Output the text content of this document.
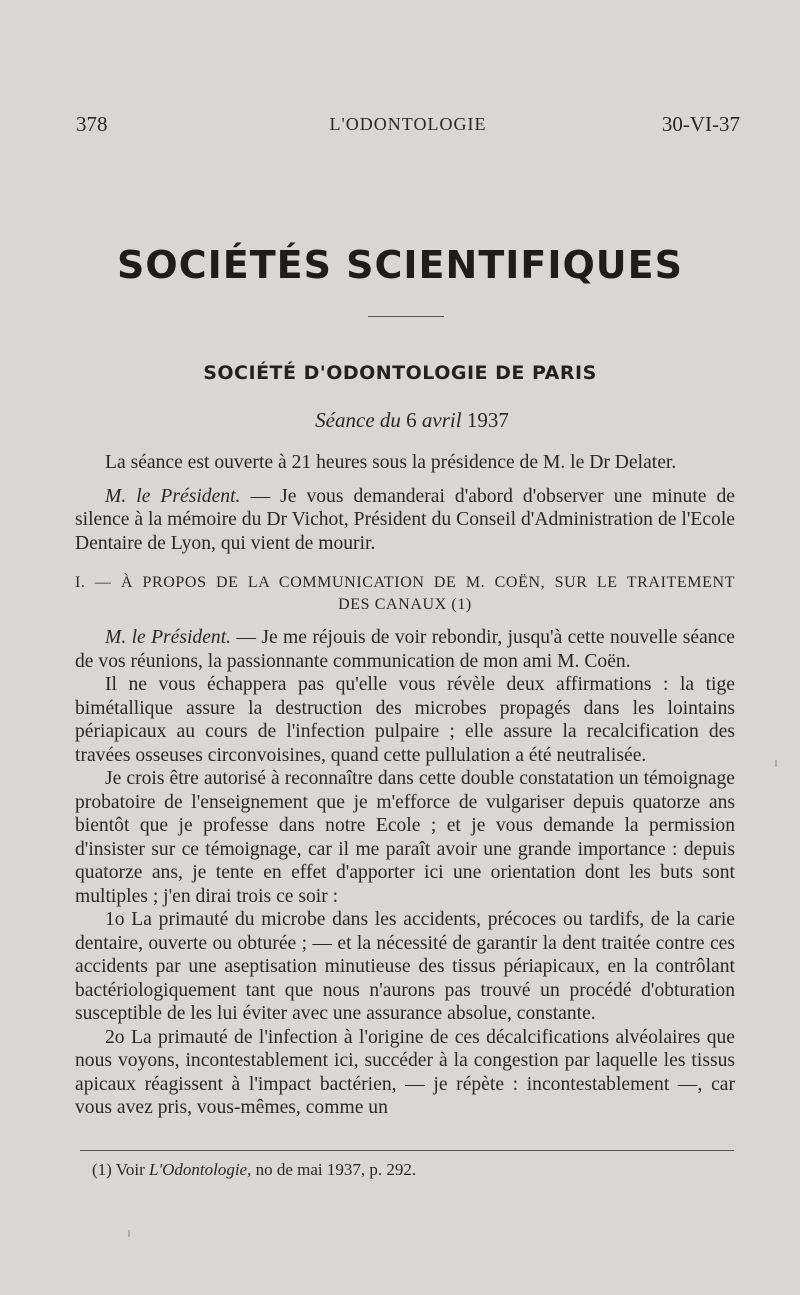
378	L'ODONTOLOGIE	30-VI-37
SOCIÉTÉS SCIENTIFIQUES
SOCIÉTÉ D'ODONTOLOGIE DE PARIS
Séance du 6 avril 1937

La séance est ouverte à 21 heures sous la présidence de M. le Dr Delater.

M. le Président. — Je vous demanderai d'abord d'observer une minute de silence à la mémoire du Dr Vichot, Président du Conseil d'Administration de l'Ecole Dentaire de Lyon, qui vient de mourir.

I. — À PROPOS DE LA COMMUNICATION DE M. COËN, SUR LE TRAITEMENT
DES CANAUX (1)

M. le Président. — Je me réjouis de voir rebondir, jusqu'à cette nouvelle séance de vos réunions, la passionnante communication de mon ami M. Coën.

Il ne vous échappera pas qu'elle vous révèle deux affirmations : la tige bimétallique assure la destruction des microbes propagés dans les lointains périapicaux au cours de l'infection pulpaire ; elle assure la recalcification des travées osseuses circonvoisines, quand cette pullulation a été neutralisée.

Je crois être autorisé à reconnaître dans cette double constatation un témoignage probatoire de l'enseignement que je m'efforce de vulgariser depuis quatorze ans bientôt que je professe dans notre Ecole ; et je vous demande la permission d'insister sur ce témoignage, car il me paraît avoir une grande importance : depuis quatorze ans, je tente en effet d'apporter ici une orientation dont les buts sont multiples ; j'en dirai trois ce soir :

1o La primauté du microbe dans les accidents, précoces ou tardifs, de la carie dentaire, ouverte ou obturée ; — et la nécessité de garantir la dent traitée contre ces accidents par une aseptisation minutieuse des tissus périapicaux, en la contrôlant bactériologiquement tant que nous n'aurons pas trouvé un procédé d'obturation susceptible de les lui éviter avec une assurance absolue, constante.

2o La primauté de l'infection à l'origine de ces décalcifications alvéolaires que nous voyons, incontestablement ici, succéder à la congestion par laquelle les tissus apicaux réagissent à l'impact bactérien, — je répète : incontestablement —, car vous avez pris, vous-mêmes, comme un

(1) Voir L'Odontologie, no de mai 1937, p. 292.
